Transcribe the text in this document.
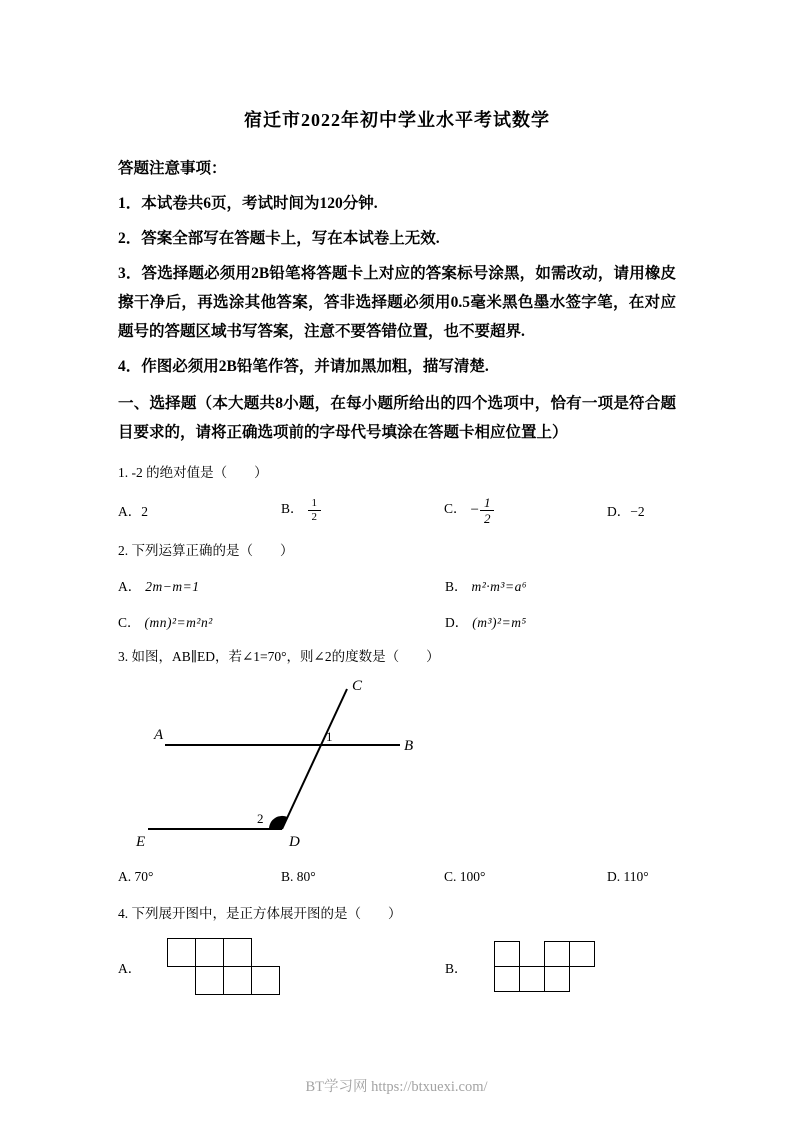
宿迁市2022年初中学业水平考试数学

答题注意事项：

1．本试卷共6页，考试时间为120分钟.

2．答案全部写在答题卡上，写在本试卷上无效.

3．答选择题必须用2B铅笔将答题卡上对应的答案标号涂黑，如需改动，请用橡皮擦干净后，再选涂其他答案，答非选择题必须用0.5毫米黑色墨水签字笔，在对应题号的答题区域书写答案，注意不要答错位置，也不要超界.

4．作图必须用2B铅笔作答，并请加黑加粗，描写清楚.

一、选择题（本大题共8小题，在每小题所给出的四个选项中，恰有一项是符合题目要求的，请将正确选项前的字母代号填涂在答题卡相应位置上）

1. -2 的绝对值是（　　）

A．2	B． $\frac{1}{2}$	C． − $\frac{1}{2}$	D．−2

2. 下列运算正确的是（　　）

A． 2m−m=1	B． m²·m³=a⁶
C． (mn)²=m²n²	D． (m³)²=m⁵

3. 如图，AB∥ED，若∠1=70°，则∠2的度数是（　　）

A
B
C
D
E
1
2
A. 70°	B. 80°	C. 100°	D. 110°

4. 下列展开图中，是正方体展开图的是（　　）

A．	B．
BT学习网 https://btxuexi.com/
